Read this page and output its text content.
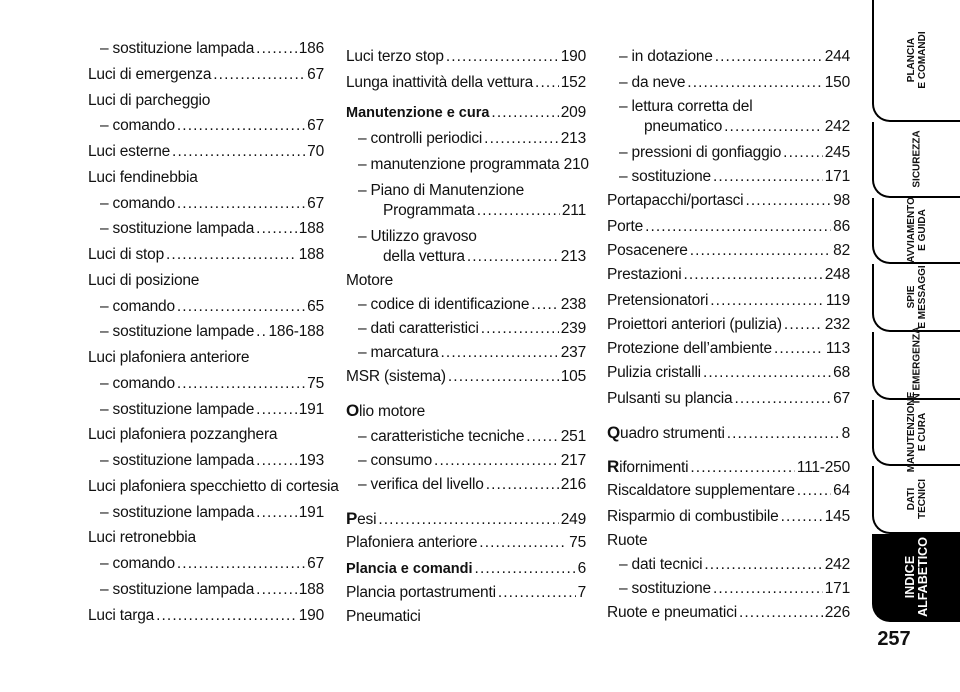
– sostituzione lampada . . .	186
Luci di emergenza . . .	67
Luci di parcheggio
– comando . . .	67
Luci esterne . . .	70
Luci fendinebbia
– comando . . .	67
– sostituzione lampada . . .	188
Luci di stop . . .	188
Luci di posizione
– comando . . .	65
– sostituzione lampade . . . 186-188
Luci plafoniera anteriore
– comando . . .	75
– sostituzione lampade . . .	191
Luci plafoniera pozzanghera
– sostituzione lampada . . .	193
Luci plafoniera specchietto di cortesia
– sostituzione lampada . . .	191
Luci retronebbia
– comando . . .	67
– sostituzione lampada . . .	188
Luci targa . . .	190
Luci terzo stop . . .	190
Lunga inattività della vettura . . . 152
Manutenzione e cura . . .	209
– controlli periodici . . .	213
– manutenzione programmata 210
– Piano di Manutenzione
Programmata . . .	211
– Utilizzo gravoso
della vettura . . .	213
Motore
– codice di identificazione . . . 238
– dati caratteristici . . .	239
– marcatura . . .	237
MSR (sistema) . . .	105
Olio motore
– caratteristiche tecniche . . . 251
– consumo . . .	217
– verifica del livello . . .	216
Pesi . . .	249
Plafoniera anteriore . . .	75
Plancia e comandi . . .	6
Plancia portastrumenti . . .	7
Pneumatici
– in dotazione . . .	244
– da neve . . .	150
– lettura corretta del
pneumatico . . .	242
– pressioni di gonfiaggio . . .	245
– sostituzione . . .	171
Portapacchi/portasci . . .	98
Porte . . .	86
Posacenere . . .	82
Prestazioni . . .	248
Pretensionatori . . .	119
Proiettori anteriori (pulizia) . . .	232
Protezione dell’ambiente . . .	113
Pulizia cristalli . . .	68
Pulsanti su plancia . . .	67
Quadro strumenti . . .	8
Rifornimenti . . .	111-250
Riscaldatore supplementare . . . 64
Risparmio di combustibile . . .	145
Ruote
– dati tecnici . . .	242
– sostituzione . . .	171
Ruote e pneumatici . . .	226
PLANCIA
E COMANDI
SICUREZZA
AVVIAMENTO
E GUIDA
SPIE
E MESSAGGI
IN EMERGENZA
MANUTENZIONE
E CURA
DATI
TECNICI
INDICE
ALFABETICO
257
